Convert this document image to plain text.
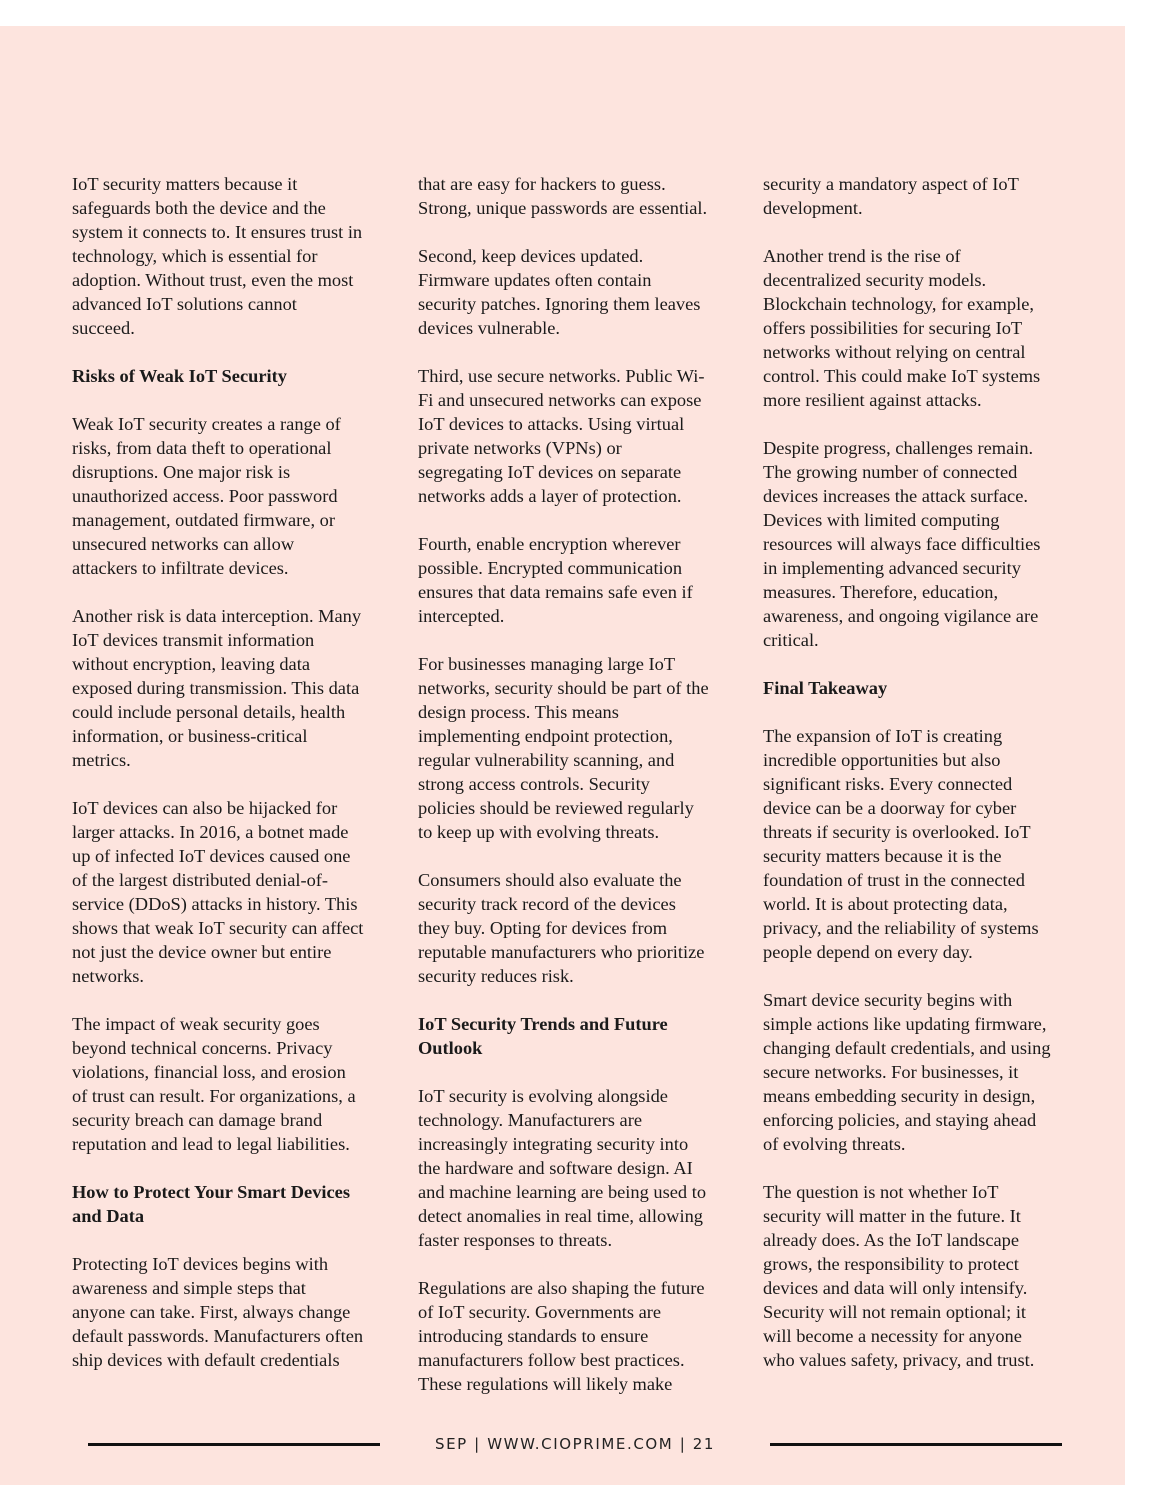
IoT security matters because it
safeguards both the device and the
system it connects to. It ensures trust in
technology, which is essential for
adoption. Without trust, even the most
advanced IoT solutions cannot
succeed.
Risks of Weak IoT Security
Weak IoT security creates a range of
risks, from data theft to operational
disruptions. One major risk is
unauthorized access. Poor password
management, outdated firmware, or
unsecured networks can allow
attackers to infiltrate devices.
Another risk is data interception. Many
IoT devices transmit information
without encryption, leaving data
exposed during transmission. This data
could include personal details, health
information, or business-critical
metrics.
IoT devices can also be hijacked for
larger attacks. In 2016, a botnet made
up of infected IoT devices caused one
of the largest distributed denial-of-
service (DDoS) attacks in history. This
shows that weak IoT security can affect
not just the device owner but entire
networks.
The impact of weak security goes
beyond technical concerns. Privacy
violations, financial loss, and erosion
of trust can result. For organizations, a
security breach can damage brand
reputation and lead to legal liabilities.
How to Protect Your Smart Devices
and Data
Protecting IoT devices begins with
awareness and simple steps that
anyone can take. First, always change
default passwords. Manufacturers often
ship devices with default credentials
that are easy for hackers to guess.
Strong, unique passwords are essential.
Second, keep devices updated.
Firmware updates often contain
security patches. Ignoring them leaves
devices vulnerable.
Third, use secure networks. Public Wi-
Fi and unsecured networks can expose
IoT devices to attacks. Using virtual
private networks (VPNs) or
segregating IoT devices on separate
networks adds a layer of protection.
Fourth, enable encryption wherever
possible. Encrypted communication
ensures that data remains safe even if
intercepted.
For businesses managing large IoT
networks, security should be part of the
design process. This means
implementing endpoint protection,
regular vulnerability scanning, and
strong access controls. Security
policies should be reviewed regularly
to keep up with evolving threats.
Consumers should also evaluate the
security track record of the devices
they buy. Opting for devices from
reputable manufacturers who prioritize
security reduces risk.
IoT Security Trends and Future
Outlook
IoT security is evolving alongside
technology. Manufacturers are
increasingly integrating security into
the hardware and software design. AI
and machine learning are being used to
detect anomalies in real time, allowing
faster responses to threats.
Regulations are also shaping the future
of IoT security. Governments are
introducing standards to ensure
manufacturers follow best practices.
These regulations will likely make
security a mandatory aspect of IoT
development.
Another trend is the rise of
decentralized security models.
Blockchain technology, for example,
offers possibilities for securing IoT
networks without relying on central
control. This could make IoT systems
more resilient against attacks.
Despite progress, challenges remain.
The growing number of connected
devices increases the attack surface.
Devices with limited computing
resources will always face difficulties
in implementing advanced security
measures. Therefore, education,
awareness, and ongoing vigilance are
critical.
Final Takeaway
The expansion of IoT is creating
incredible opportunities but also
significant risks. Every connected
device can be a doorway for cyber
threats if security is overlooked. IoT
security matters because it is the
foundation of trust in the connected
world. It is about protecting data,
privacy, and the reliability of systems
people depend on every day.
Smart device security begins with
simple actions like updating firmware,
changing default credentials, and using
secure networks. For businesses, it
means embedding security in design,
enforcing policies, and staying ahead
of evolving threats.
The question is not whether IoT
security will matter in the future. It
already does. As the IoT landscape
grows, the responsibility to protect
devices and data will only intensify.
Security will not remain optional; it
will become a necessity for anyone
who values safety, privacy, and trust.
SEP | WWW.CIOPRIME.COM | 21
